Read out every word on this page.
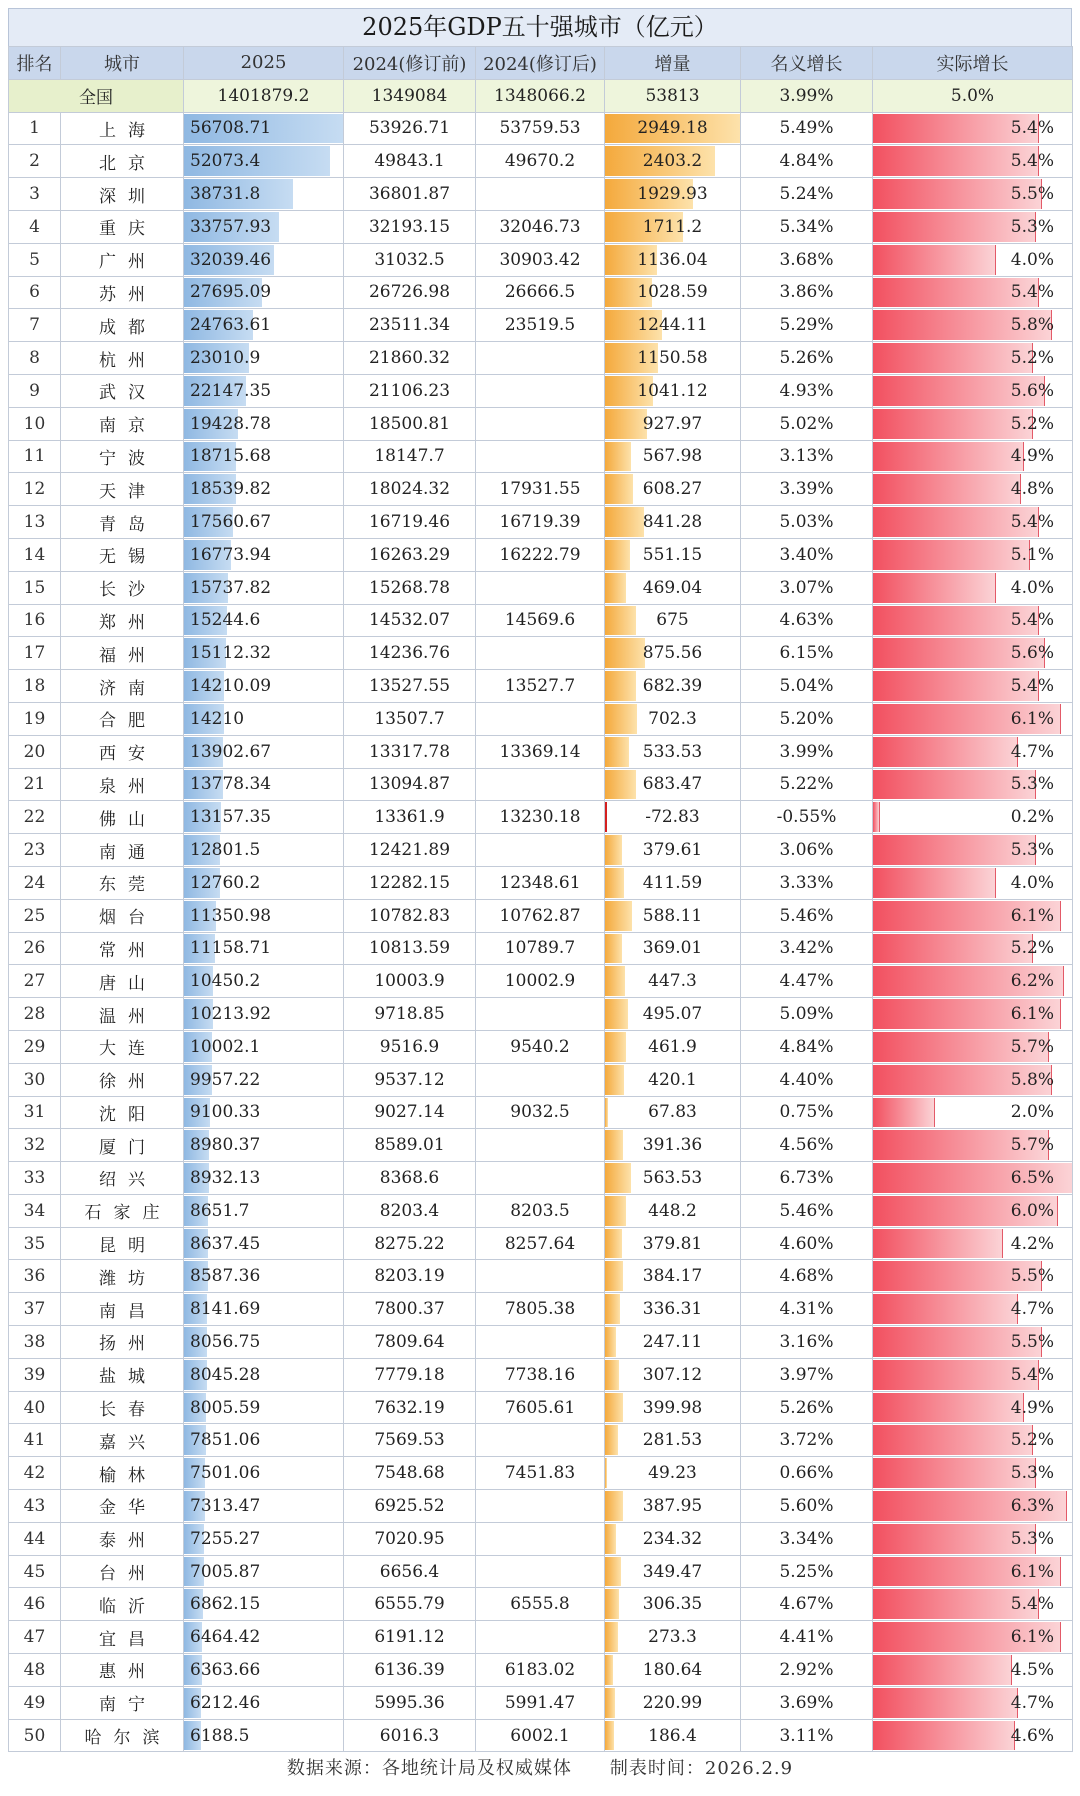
2025年GDP五十强城市（亿元）
排名	城市	2025	2024(修订前)	2024(修订后)	增量	名义增长	实际增长
全国		1401879.2	1349084	1348066.2	53813	3.99%	5.0%
1	上海	56708.71	53926.71	53759.53	2949.18	5.49%	5.4%

2	北京	52073.4	49843.1	49670.2	2403.2	4.84%	5.4%

3	深圳	38731.8	36801.87		1929.93	5.24%	5.5%

4	重庆	33757.93	32193.15	32046.73	1711.2	5.34%	5.3%

5	广州	32039.46	31032.5	30903.42	1136.04	3.68%	4.0%

6	苏州	27695.09	26726.98	26666.5	1028.59	3.86%	5.4%

7	成都	24763.61	23511.34	23519.5	1244.11	5.29%	5.8%

8	杭州	23010.9	21860.32		1150.58	5.26%	5.2%

9	武汉	22147.35	21106.23		1041.12	4.93%	5.6%

10	南京	19428.78	18500.81		927.97	5.02%	5.2%

11	宁波	18715.68	18147.7		567.98	3.13%	4.9%

12	天津	18539.82	18024.32	17931.55	608.27	3.39%	4.8%

13	青岛	17560.67	16719.46	16719.39	841.28	5.03%	5.4%

14	无锡	16773.94	16263.29	16222.79	551.15	3.40%	5.1%

15	长沙	15737.82	15268.78		469.04	3.07%	4.0%

16	郑州	15244.6	14532.07	14569.6	675	4.63%	5.4%

17	福州	15112.32	14236.76		875.56	6.15%	5.6%

18	济南	14210.09	13527.55	13527.7	682.39	5.04%	5.4%

19	合肥	14210	13507.7		702.3	5.20%	6.1%

20	西安	13902.67	13317.78	13369.14	533.53	3.99%	4.7%

21	泉州	13778.34	13094.87		683.47	5.22%	5.3%

22	佛山	13157.35	13361.9	13230.18	-72.83	-0.55%	0.2%

23	南通	12801.5	12421.89		379.61	3.06%	5.3%

24	东莞	12760.2	12282.15	12348.61	411.59	3.33%	4.0%

25	烟台	11350.98	10782.83	10762.87	588.11	5.46%	6.1%

26	常州	11158.71	10813.59	10789.7	369.01	3.42%	5.2%

27	唐山	10450.2	10003.9	10002.9	447.3	4.47%	6.2%

28	温州	10213.92	9718.85		495.07	5.09%	6.1%

29	大连	10002.1	9516.9	9540.2	461.9	4.84%	5.7%

30	徐州	9957.22	9537.12		420.1	4.40%	5.8%

31	沈阳	9100.33	9027.14	9032.5	67.83	0.75%	2.0%

32	厦门	8980.37	8589.01		391.36	4.56%	5.7%

33	绍兴	8932.13	8368.6		563.53	6.73%	6.5%

34	石家庄	8651.7	8203.4	8203.5	448.2	5.46%	6.0%

35	昆明	8637.45	8275.22	8257.64	379.81	4.60%	4.2%

36	潍坊	8587.36	8203.19		384.17	4.68%	5.5%

37	南昌	8141.69	7800.37	7805.38	336.31	4.31%	4.7%

38	扬州	8056.75	7809.64		247.11	3.16%	5.5%

39	盐城	8045.28	7779.18	7738.16	307.12	3.97%	5.4%

40	长春	8005.59	7632.19	7605.61	399.98	5.26%	4.9%

41	嘉兴	7851.06	7569.53		281.53	3.72%	5.2%

42	榆林	7501.06	7548.68	7451.83	49.23	0.66%	5.3%

43	金华	7313.47	6925.52		387.95	5.60%	6.3%

44	泰州	7255.27	7020.95		234.32	3.34%	5.3%

45	台州	7005.87	6656.4		349.47	5.25%	6.1%

46	临沂	6862.15	6555.79	6555.8	306.35	4.67%	5.4%

47	宜昌	6464.42	6191.12		273.3	4.41%	6.1%

48	惠州	6363.66	6136.39	6183.02	180.64	2.92%	4.5%

49	南宁	6212.46	5995.36	5991.47	220.99	3.69%	4.7%

50	哈尔滨	6188.5	6016.3	6002.1	186.4	3.11%	4.6%
数据来源：各地统计局及权威媒体　　制表时间：2026.2.9
